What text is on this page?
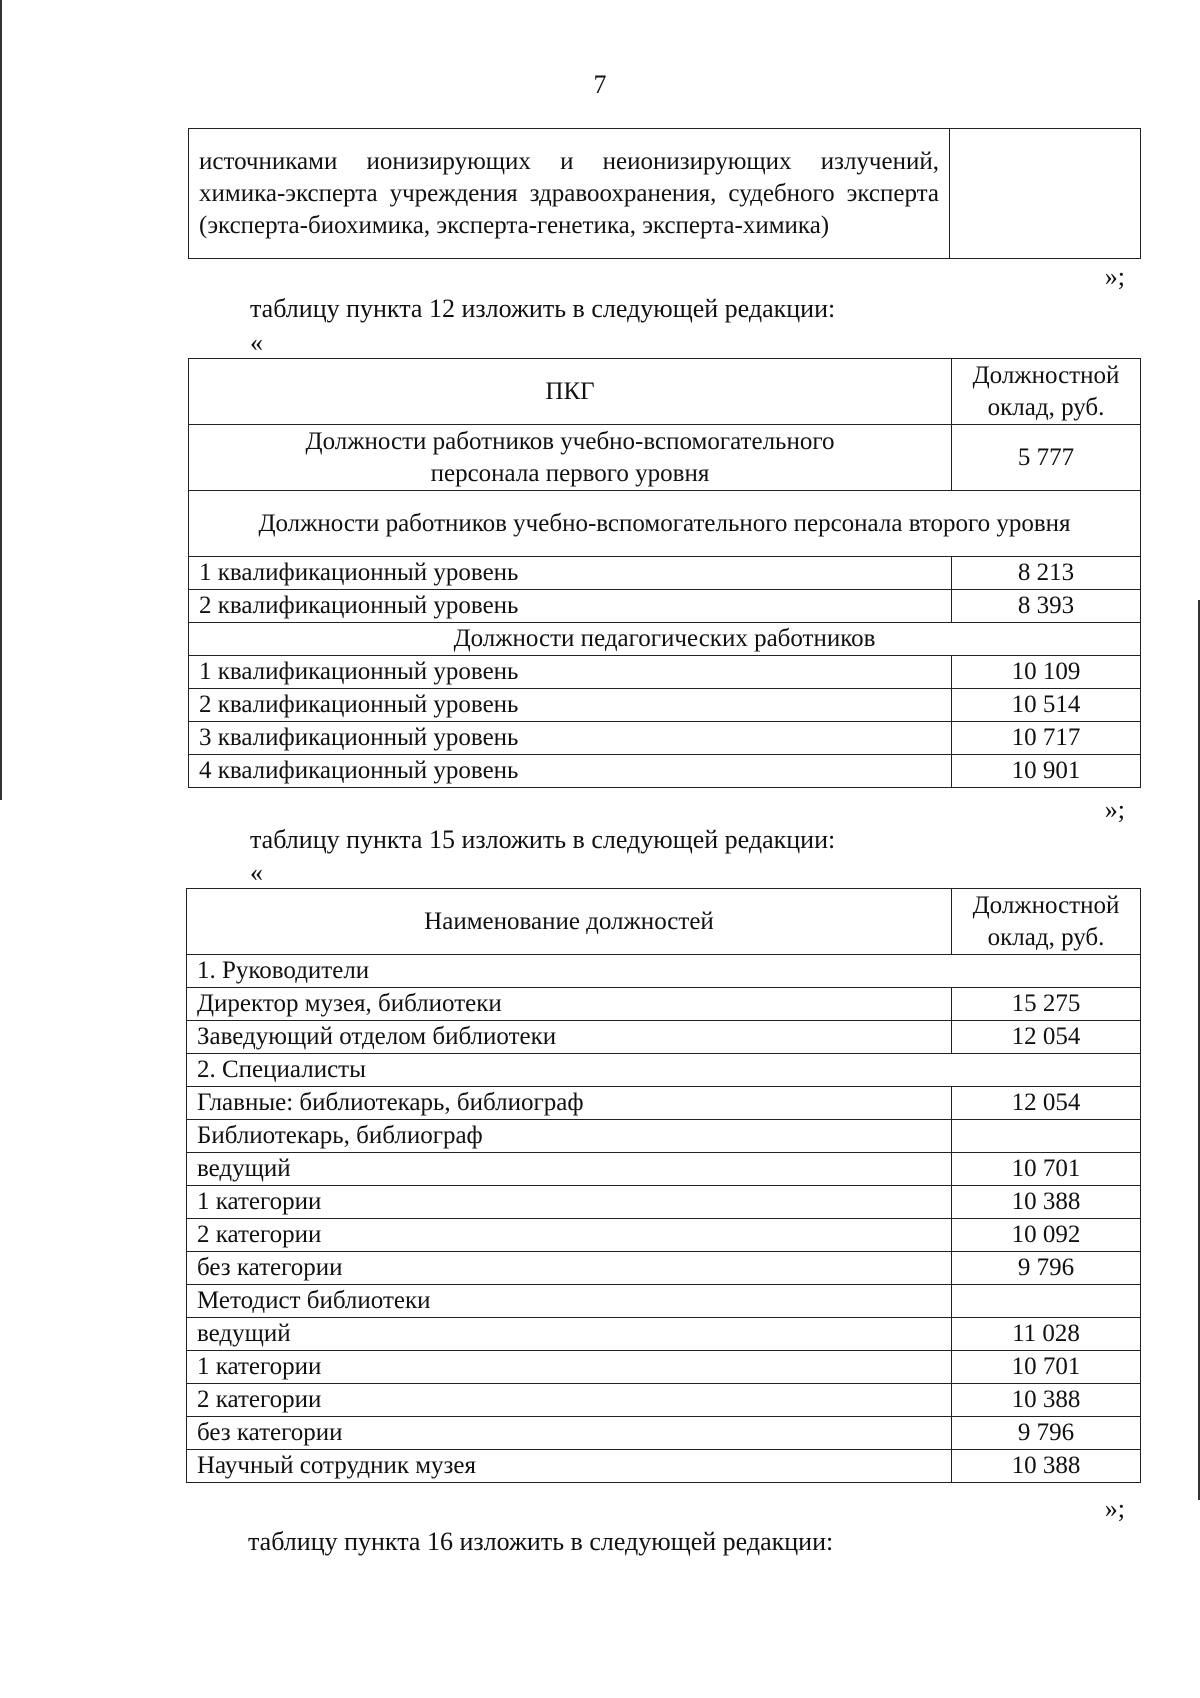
7
источниками ионизирующих и неионизирующих излучений, химика-эксперта учреждения здравоохранения, судебного эксперта (эксперта-биохимика, эксперта-генетика, эксперта-химика)	
»;
таблицу пункта 12 изложить в следующей редакции:
«
ПКГ	Должностной оклад, руб.
Должности работников учебно-вспомогательного персонала первого уровня	5 777
Должности работников учебно-вспомогательного персонала второго уровня	
1 квалификационный уровень	8 213
2 квалификационный уровень	8 393
Должности педагогических работников	
1 квалификационный уровень	10 109
2 квалификационный уровень	10 514
3 квалификационный уровень	10 717
4 квалификационный уровень	10 901
»;
таблицу пункта 15 изложить в следующей редакции:
«
Наименование должностей	Должностной оклад, руб.
1. Руководители	
Директор музея, библиотеки	15 275
Заведующий отделом библиотеки	12 054
2. Специалисты	
Главные: библиотекарь, библиограф	12 054
Библиотекарь, библиограф	
ведущий	10 701
1 категории	10 388
2 категории	10 092
без категории	9 796
Методист библиотеки	
ведущий	11 028
1 категории	10 701
2 категории	10 388
без категории	9 796
Научный сотрудник музея	10 388
»;
таблицу пункта 16 изложить в следующей редакции:
